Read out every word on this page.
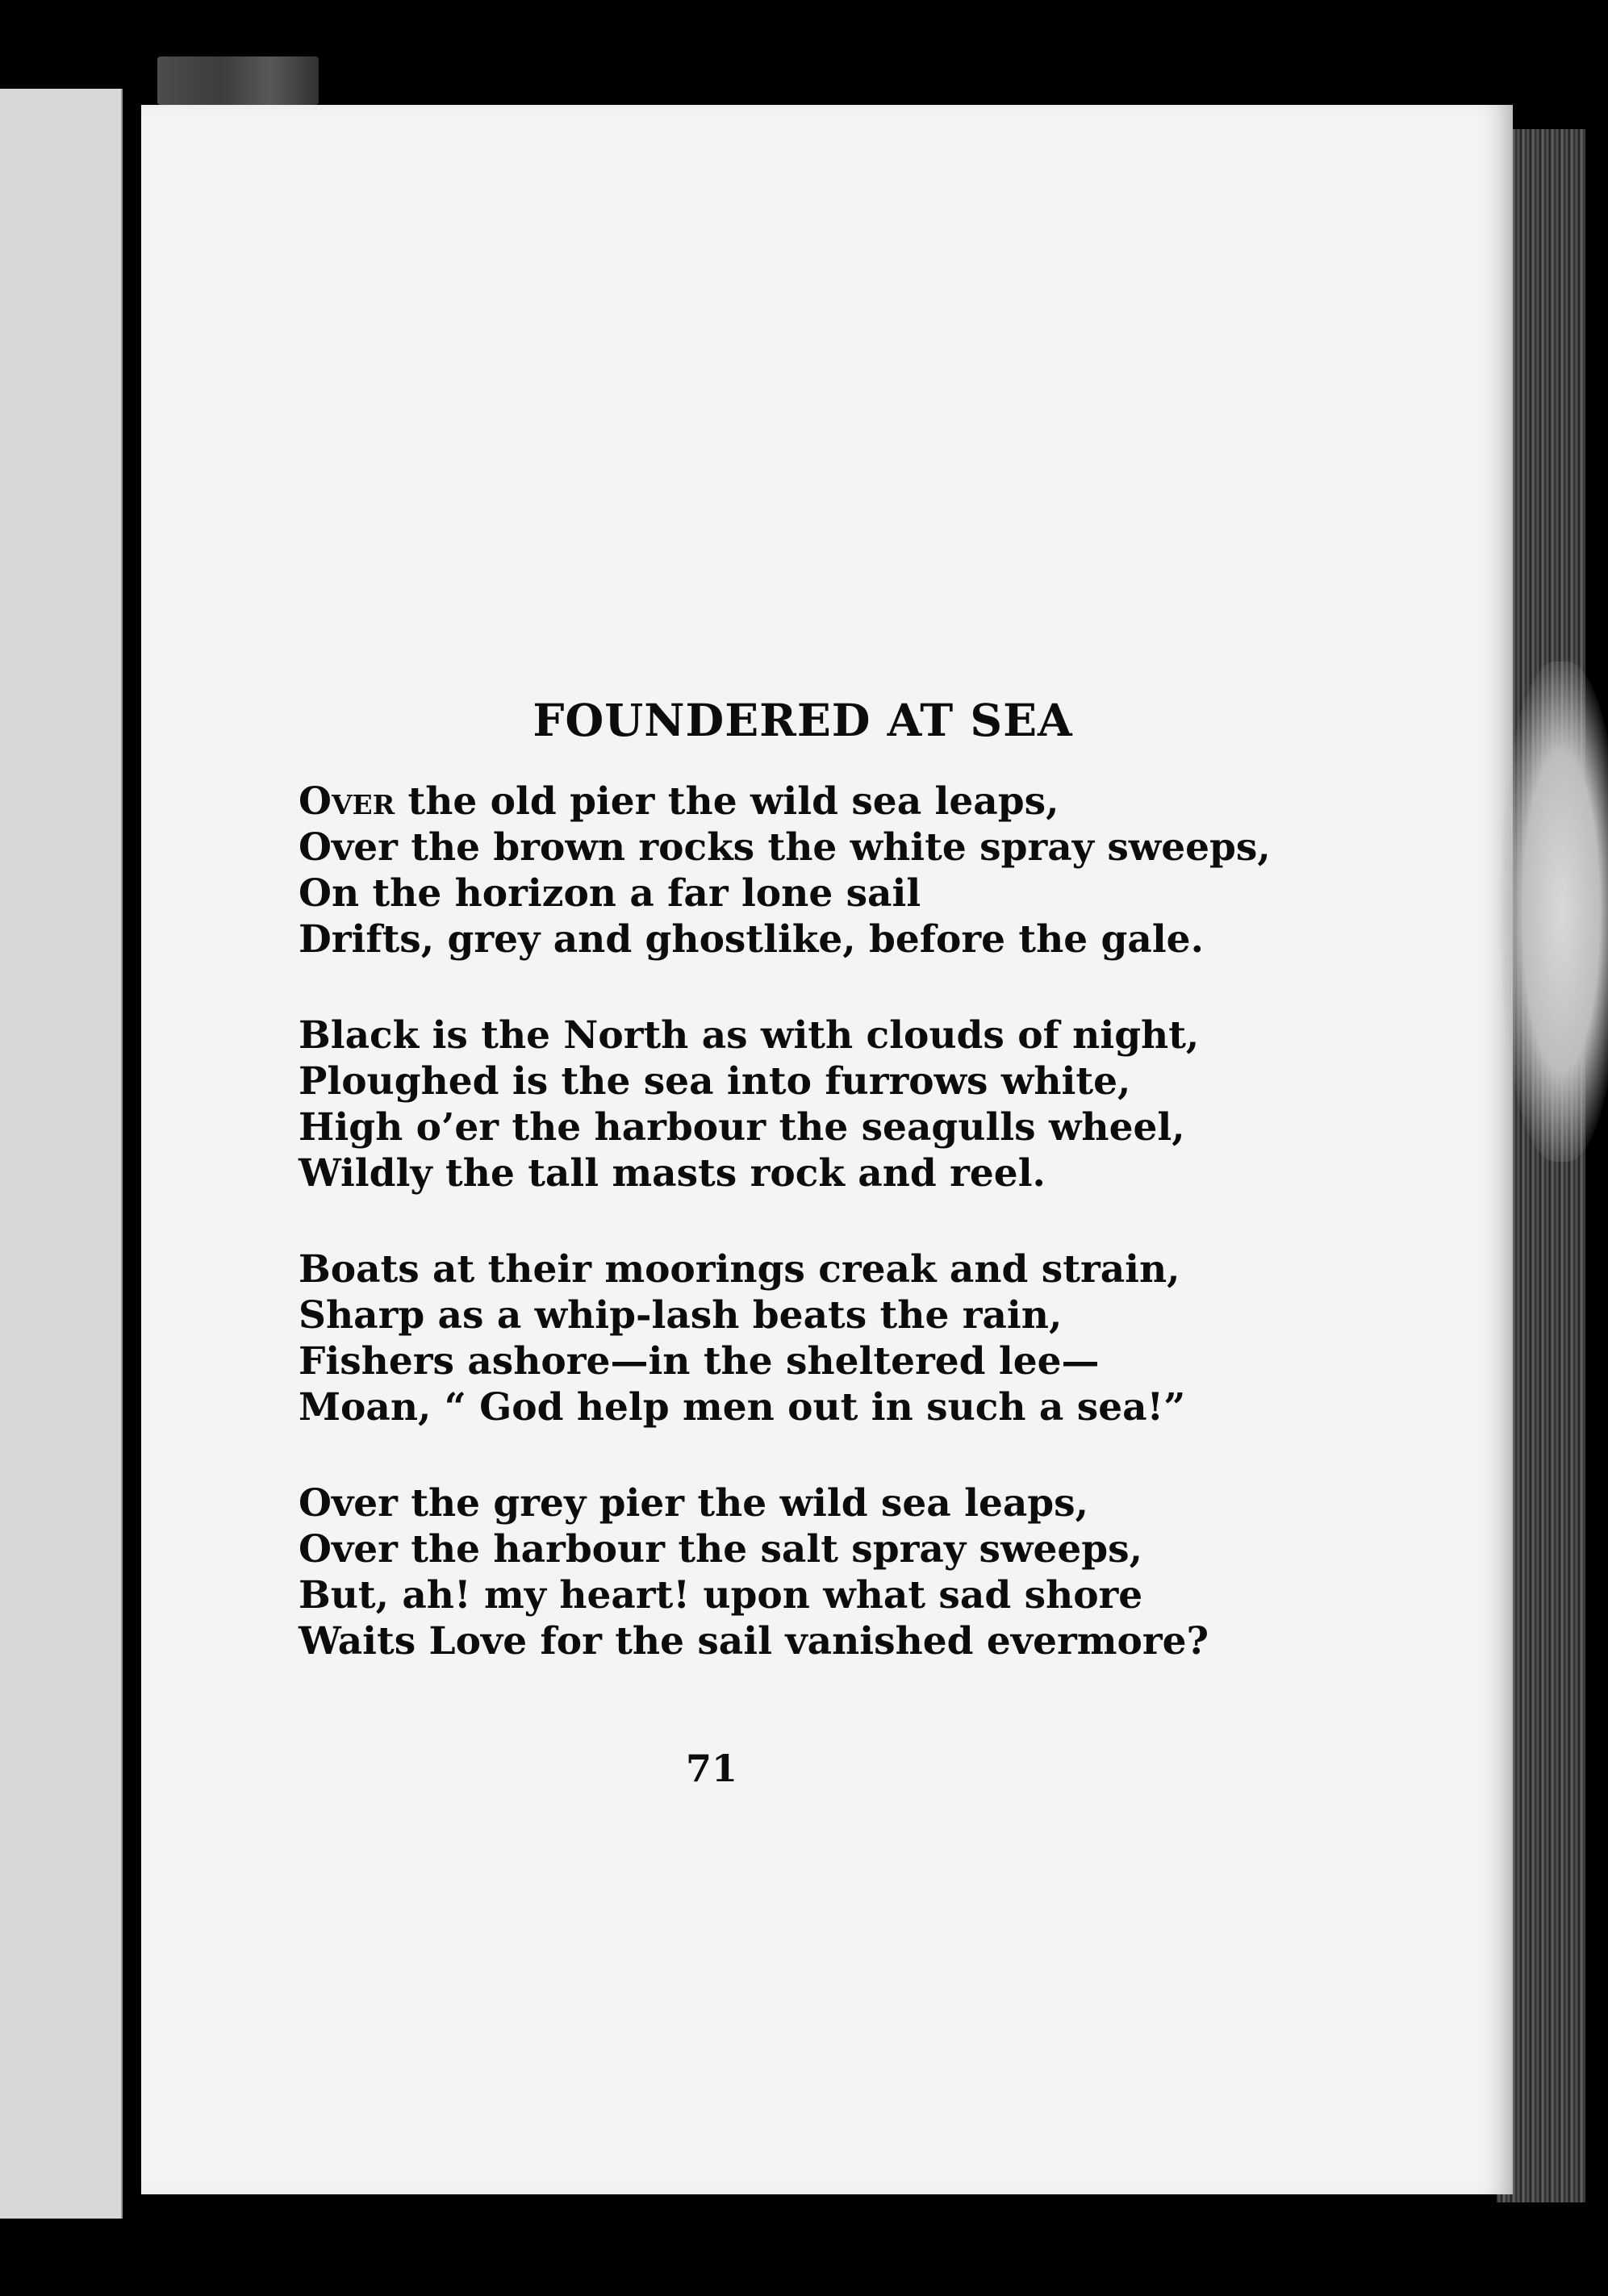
FOUNDERED AT SEA
Over the old pier the wild sea leaps,
Over the brown rocks the white spray sweeps,
On the horizon a far lone sail
Drifts, grey and ghostlike, before the gale.
Black is the North as with clouds of night,
Ploughed is the sea into furrows white,
High o’er the harbour the seagulls wheel,
Wildly the tall masts rock and reel.
Boats at their moorings creak and strain,
Sharp as a whip-lash beats the rain,
Fishers ashore—in the sheltered lee—
Moan, “ God help men out in such a sea!”
Over the grey pier the wild sea leaps,
Over the harbour the salt spray sweeps,
But, ah! my heart! upon what sad shore
Waits Love for the sail vanished evermore?
71
